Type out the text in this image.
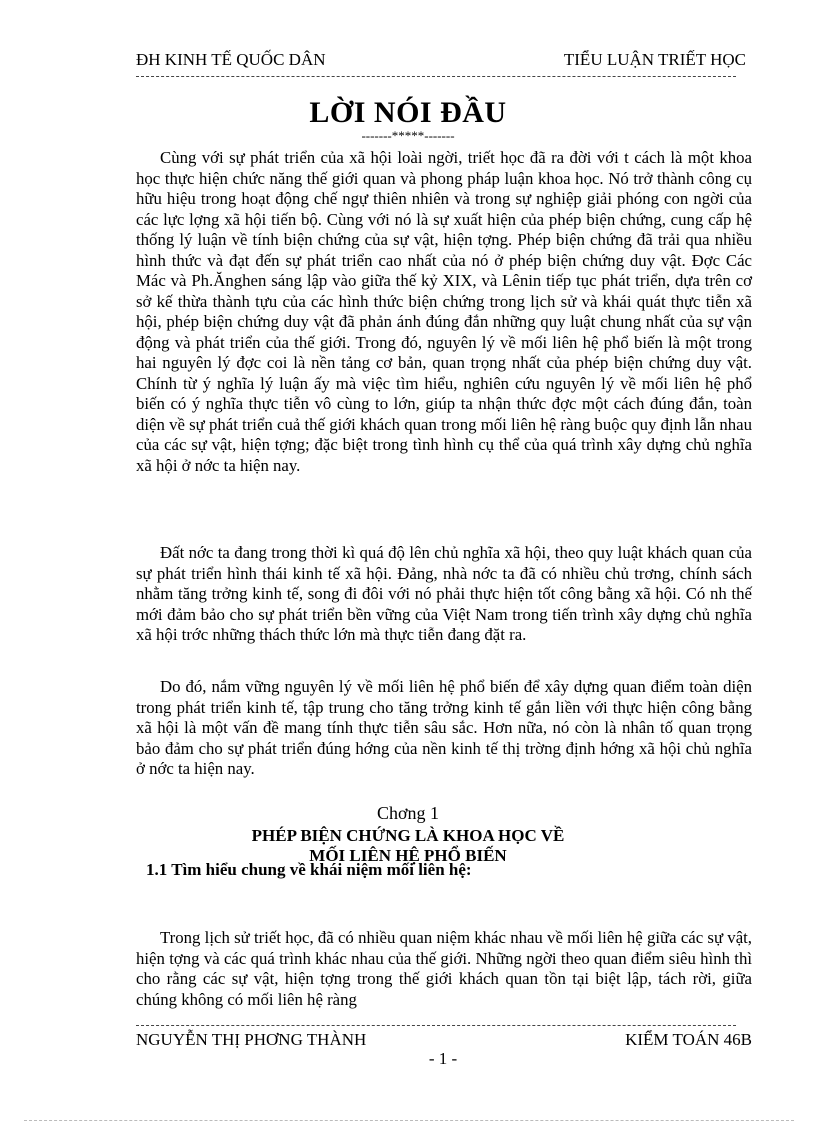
ĐH KINH TẾ QUỐC DÂN	TIỂU LUẬN TRIẾT HỌC
LỜI NÓI ĐẦU
-------*****-------

Cùng với sự phát triển của xã hội loài ngời, triết học đã ra đời với t cách là một khoa học thực hiện chức năng thế giới quan và phong pháp luận khoa học. Nó trở thành công cụ hữu hiệu trong hoạt động chế ngự thiên nhiên và trong sự nghiệp giải phóng con ngời của các lực lợng xã hội tiến bộ. Cùng với nó là sự xuất hiện của phép biện chứng, cung cấp hệ thống lý luận về tính biện chứng của sự vật, hiện tợng. Phép biện chứng đã trải qua nhiều hình thức và đạt đến sự phát triển cao nhất của nó ở phép biện chứng duy vật. Đợc Các Mác và Ph.Ănghen sáng lập vào giữa thế kỷ XIX, và Lênin tiếp tục phát triển, dựa trên cơ sở kế thừa thành tựu của các hình thức biện chứng trong lịch sử và khái quát thực tiễn xã hội, phép biện chứng duy vật đã phản ánh đúng đắn những quy luật chung nhất của sự vận động và phát triển của thế giới. Trong đó, nguyên lý về mối liên hệ phổ biến là một trong hai nguyên lý đợc coi là nền tảng cơ bản, quan trọng nhất của phép biện chứng duy vật. Chính từ ý nghĩa lý luận ấy mà việc tìm hiểu, nghiên cứu nguyên lý về mối liên hệ phổ biến có ý nghĩa thực tiễn vô cùng to lớn, giúp ta nhận thức đợc một cách đúng đắn, toàn diện về sự phát triển cuả thế giới khách quan trong mối liên hệ ràng buộc quy định lẫn nhau của các sự vật, hiện tợng; đặc biệt trong tình hình cụ thể của quá trình xây dựng chủ nghĩa xã hội ở nớc ta hiện nay.

Đất nớc ta đang trong thời kì quá độ lên chủ nghĩa xã hội, theo quy luật khách quan của sự phát triển hình thái kinh tế xã hội. Đảng, nhà nớc ta đã có nhiều chủ trơng, chính sách nhằm tăng trởng kinh tế, song đi đôi với nó phải thực hiện tốt công bằng xã hội. Có nh thế mới đảm bảo cho sự phát triển bền vững của Việt Nam trong tiến trình xây dựng chủ nghĩa xã hội trớc những thách thức lớn mà thực tiễn đang đặt ra.

Do đó, nắm vững nguyên lý về mối liên hệ phổ biến để xây dựng quan điểm toàn diện trong phát triển kinh tế, tập trung cho tăng trởng kinh tế gắn liền với thực hiện công bằng xã hội là một vấn đề mang tính thực tiễn sâu sắc. Hơn nữa, nó còn là nhân tố quan trọng bảo đảm cho sự phát triển đúng hớng của nền kinh tế thị trờng định hớng xã hội chủ nghĩa ở nớc ta hiện nay.

Chơng 1
PHÉP BIỆN CHỨNG LÀ KHOA HỌC VỀ
MỐI LIÊN HỆ PHỔ BIẾN
1.1 Tìm hiểu chung về khái niệm mối liên hệ:

Trong lịch sử triết học, đã có nhiều quan niệm khác nhau về mối liên hệ giữa các sự vật, hiện tợng và các quá trình khác nhau của thế giới. Những ngời theo quan điểm siêu hình thì cho rằng các sự vật, hiện tợng trong thế giới khách quan tồn tại biệt lập, tách rời, giữa chúng không có mối liên hệ ràng

NGUYỄN THỊ PHƠNG THÀNH	KIỂM TOÁN 46B
- 1 -
